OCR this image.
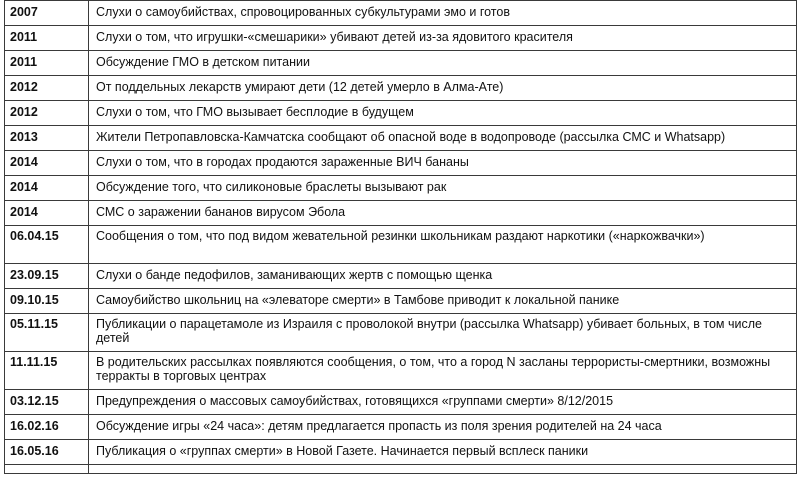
2007	Слухи о самоубийствах, спровоцированных субкультурами эмо и готов
2011	Слухи о том, что игрушки-«смешарики» убивают детей из-за ядовитого красителя
2011	Обсуждение ГМО в детском питании
2012	От поддельных лекарств умирают дети (12 детей умерло в Алма-Ате)
2012	Слухи о том, что ГМО вызывает бесплодие в будущем
2013	Жители Петропавловска-Камчатска сообщают об опасной воде в водопроводе (рассылка СМС и Whatsapp)
2014	Слухи о том, что в городах продаются зараженные ВИЧ бананы
2014	Обсуждение того, что силиконовые браслеты вызывают рак
2014	СМС о заражении бананов вирусом Эбола
06.04.15	Сообщения о том, что под видом жевательной резинки школьникам раздают наркотики («наркожвачки»)
23.09.15	Слухи о банде педофилов, заманивающих жертв с помощью щенка
09.10.15	Самоубийство школьниц на «элеваторе смерти» в Тамбове приводит к локальной панике
05.11.15	Публикации о парацетамоле из Израиля с проволокой внутри (рассылка Whatsapp) убивает больных, в том числе детей
11.11.15	В родительских рассылках появляются сообщения, о том, что а город N засланы террористы-смертники, возможны терракты в торговых центрах
03.12.15	Предупреждения о массовых самоубийствах, готовящихся «группами смерти» 8/12/2015
16.02.16	Обсуждение игры «24 часа»: детям предлагается пропасть из поля зрения родителей на 24 часа
16.05.16	Публикация о «группах смерти» в Новой Газете. Начинается первый всплеск паники
